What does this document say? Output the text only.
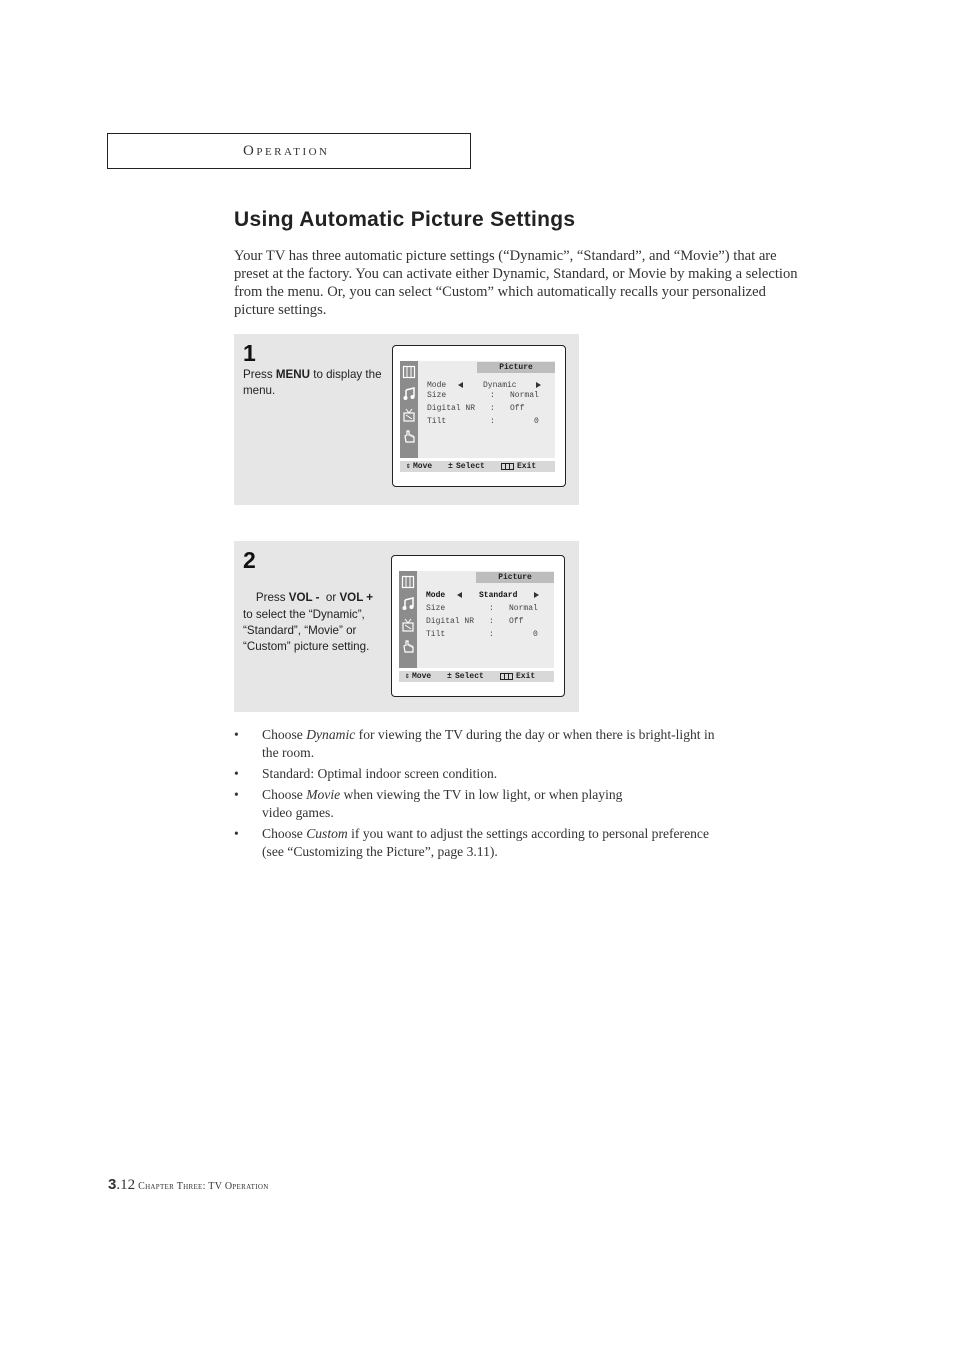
Operation
Using Automatic Picture Settings

Your TV has three automatic picture settings (“Dynamic”, “Standard”, and “Movie”) that are preset at the factory. You can activate either Dynamic, Standard, or Movie by making a selection from the menu. Or, you can select “Custom” which automatically recalls your personalized picture settings.

1
Press MENU to display the menu.
Picture
Mode	Dynamic
Size	: Normal
Digital NR : Off
Tilt	:	0
⇕ Move ± Select	Exit
2

Press VOL -  or VOL + to select the “Dynamic”, “Standard”, “Movie” or “Custom” picture setting.

Picture
Mode	Standard
Size	: Normal
Digital NR : Off
Tilt	:	0
⇕ Move ± Select	Exit
• Choose Dynamic for viewing the TV during the day or when there is bright-light in the room.
• Standard: Optimal indoor screen condition.
• Choose Movie when viewing the TV in low light, or when playing video games.
• Choose Custom if you want to adjust the settings according to personal preference (see “Customizing the Picture”, page 3.11).
3.12 Chapter Three: TV Operation
